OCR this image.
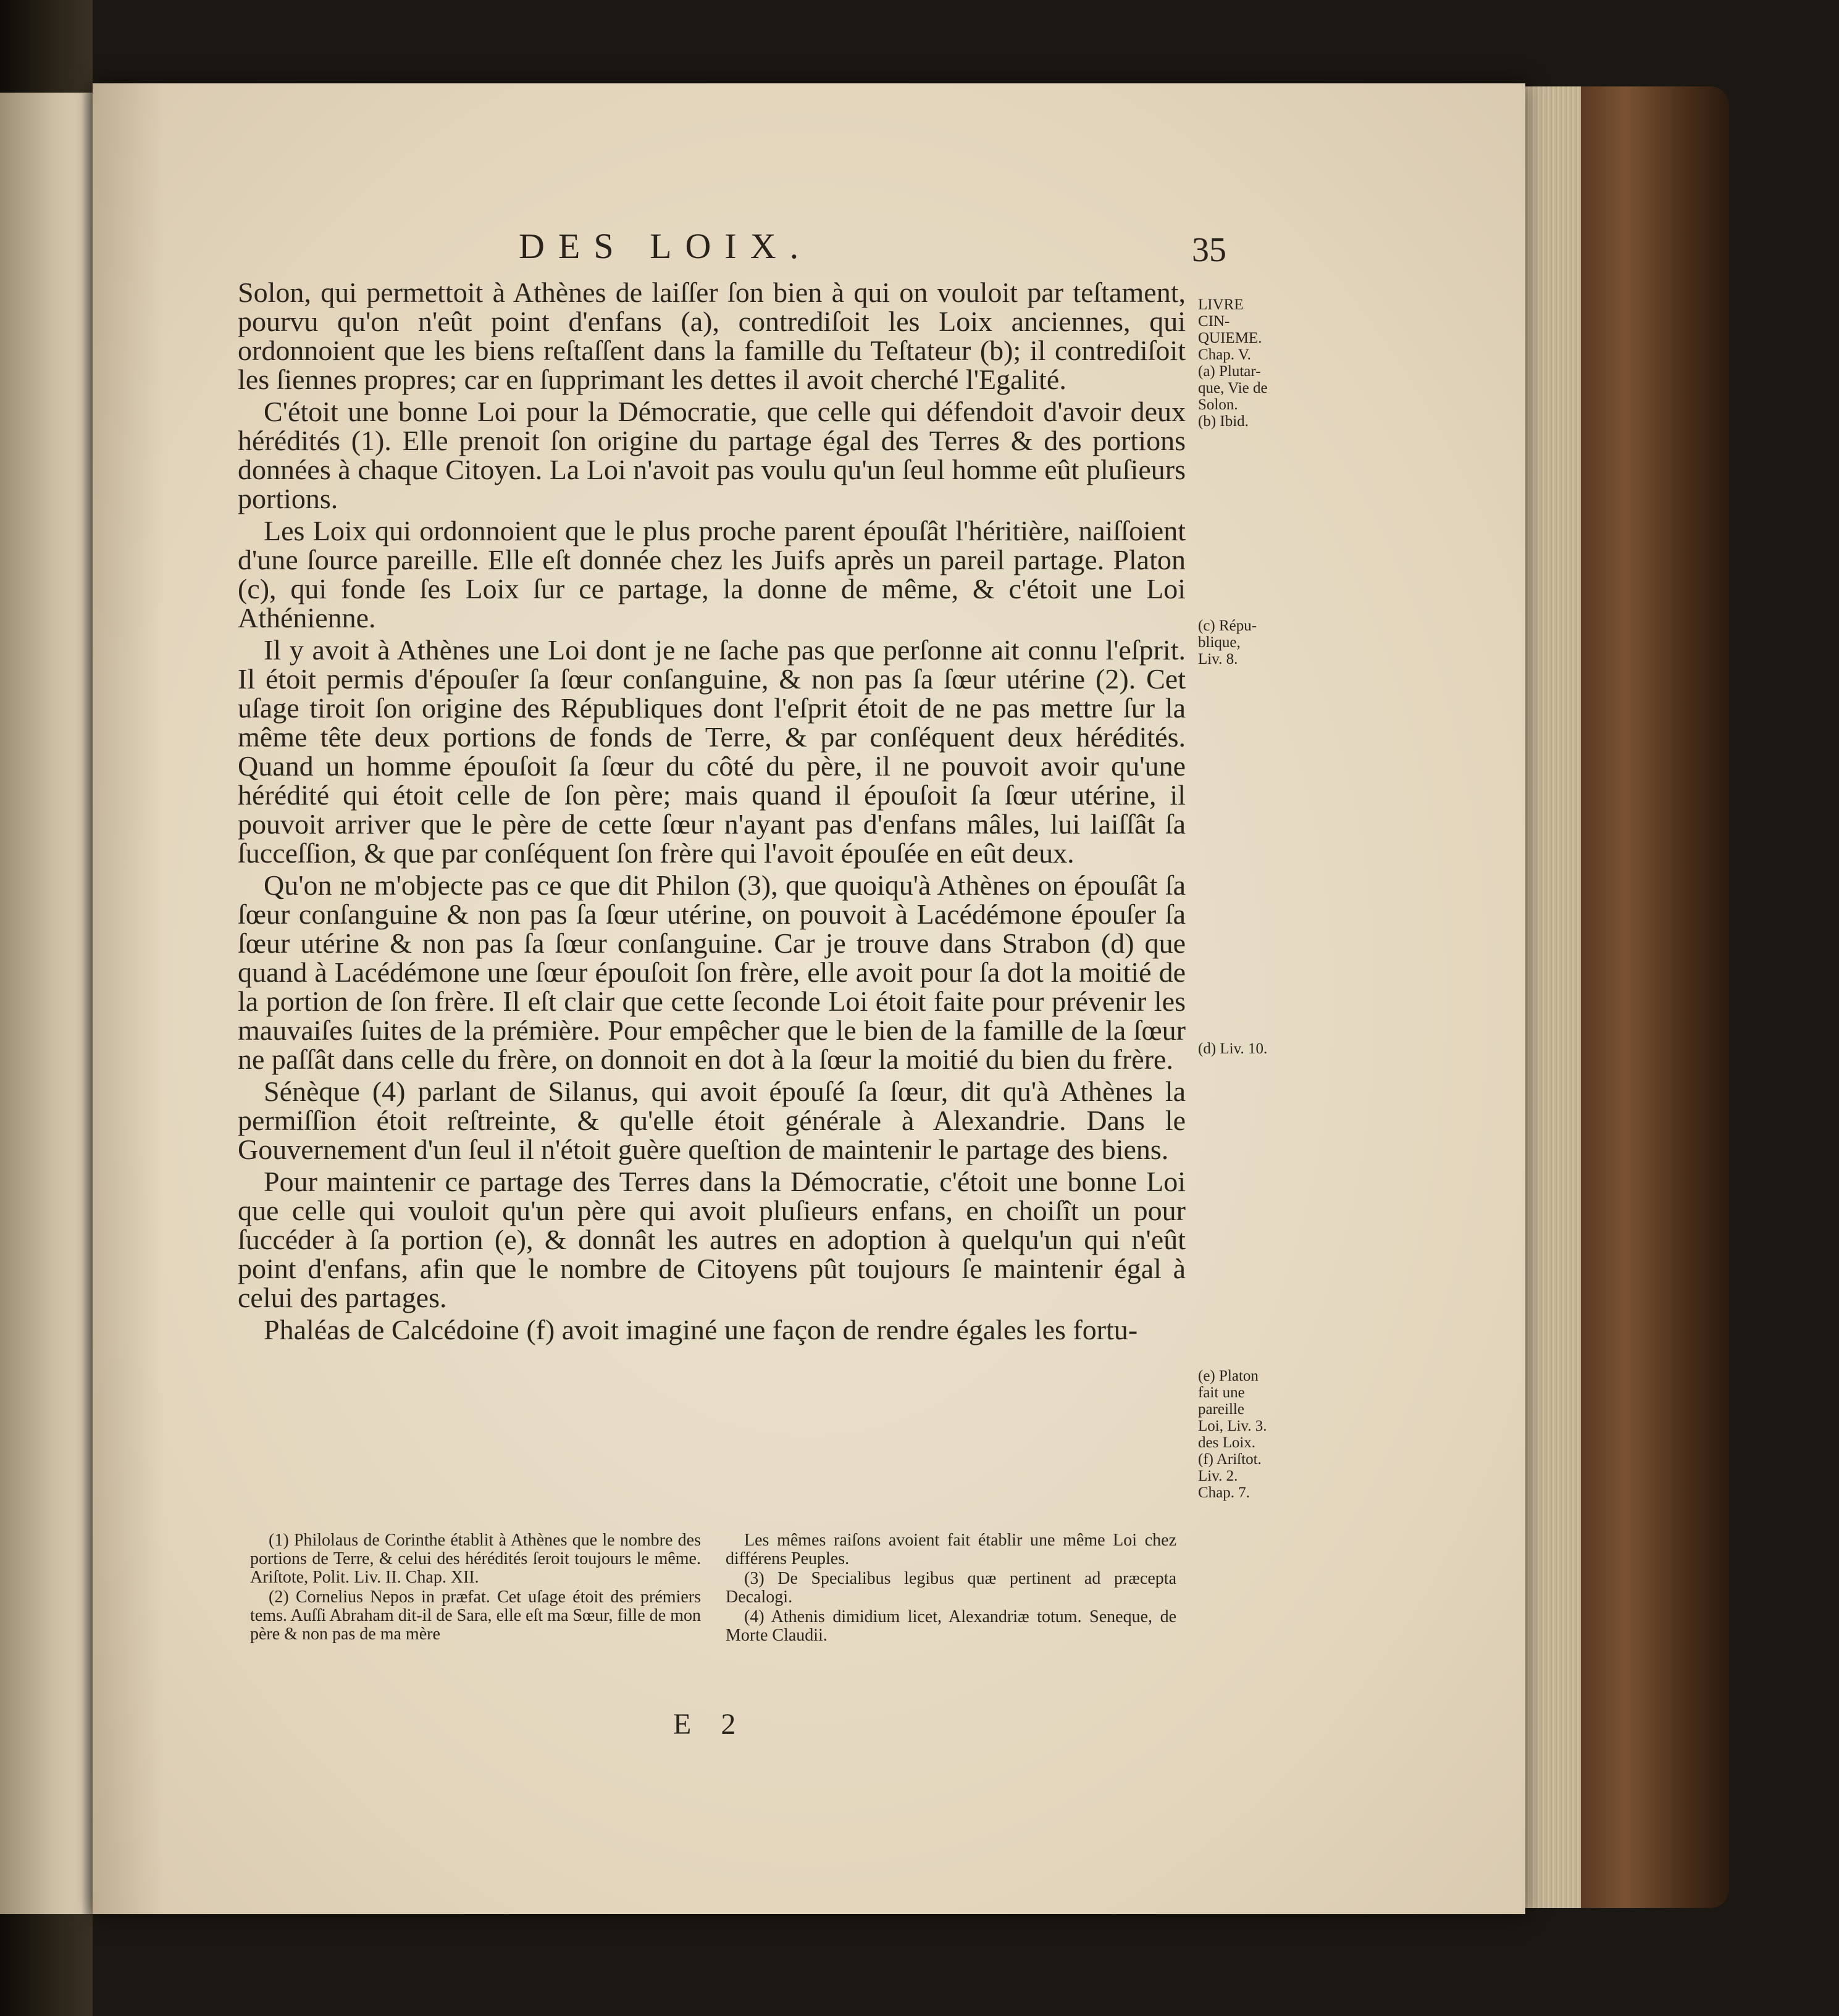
DES LOIX.	35

Solon, qui permettoit à Athènes de laiſſer ſon bien à qui on vouloit par teſtament, pourvu qu'on n'eût point d'enfans (a), contrediſoit les Loix anciennes, qui ordonnoient que les biens reſtaſſent dans la famille du Teſtateur (b); il contrediſoit les ſiennes propres; car en ſupprimant les dettes il avoit cherché l'Egalité.

C'étoit une bonne Loi pour la Démocratie, que celle qui défendoit d'avoir deux hérédités (1). Elle prenoit ſon origine du partage égal des Terres & des portions données à chaque Citoyen. La Loi n'avoit pas voulu qu'un ſeul homme eût pluſieurs portions.

Les Loix qui ordonnoient que le plus proche parent épouſât l'héritière, naiſſoient d'une ſource pareille. Elle eſt donnée chez les Juifs après un pareil partage. Platon (c), qui fonde ſes Loix ſur ce partage, la donne de même, & c'étoit une Loi Athénienne.

Il y avoit à Athènes une Loi dont je ne ſache pas que perſonne ait connu l'eſprit. Il étoit permis d'épouſer ſa ſœur conſanguine, & non pas ſa ſœur utérine (2). Cet uſage tiroit ſon origine des Républiques dont l'eſprit étoit de ne pas mettre ſur la même tête deux portions de fonds de Terre, & par conſéquent deux hérédités. Quand un homme épouſoit ſa ſœur du côté du père, il ne pouvoit avoir qu'une hérédité qui étoit celle de ſon père; mais quand il épouſoit ſa ſœur utérine, il pouvoit arriver que le père de cette ſœur n'ayant pas d'enfans mâles, lui laiſſât ſa ſucceſſion, & que par conſéquent ſon frère qui l'avoit épouſée en eût deux.

Qu'on ne m'objecte pas ce que dit Philon (3), que quoiqu'à Athènes on épouſât ſa ſœur conſanguine & non pas ſa ſœur utérine, on pouvoit à Lacédémone épouſer ſa ſœur utérine & non pas ſa ſœur conſanguine. Car je trouve dans Strabon (d) que quand à Lacédémone une ſœur épouſoit ſon frère, elle avoit pour ſa dot la moitié de la portion de ſon frère. Il eſt clair que cette ſeconde Loi étoit faite pour prévenir les mauvaiſes ſuites de la prémière. Pour empêcher que le bien de la famille de la ſœur ne paſſât dans celle du frère, on donnoit en dot à la ſœur la moitié du bien du frère.

Sénèque (4) parlant de Silanus, qui avoit épouſé ſa ſœur, dit qu'à Athènes la permiſſion étoit reſtreinte, & qu'elle étoit générale à Alexandrie. Dans le Gouvernement d'un ſeul il n'étoit guère queſtion de maintenir le partage des biens.

Pour maintenir ce partage des Terres dans la Démocratie, c'étoit une bonne Loi que celle qui vouloit qu'un père qui avoit pluſieurs enfans, en choiſît un pour ſuccéder à ſa portion (e), & donnât les autres en adoption à quelqu'un qui n'eût point d'enfans, afin que le nombre de Citoyens pût toujours ſe maintenir égal à celui des partages.

Phaléas de Calcédoine (f) avoit imaginé une façon de rendre égales les fortu-

LIVRE
CIN-
QUIEME.
Chap. V.
(a) Plutar-
que, Vie de
Solon.
(b) Ibid.
(c) Répu-
blique,
Liv. 8.
(d) Liv. 10.
(e) Platon
fait une
pareille
Loi, Liv. 3.
des Loix.
(f) Ariſtot.
Liv. 2.
Chap. 7.

(1) Philolaus de Corinthe établit à Athènes que le nombre des portions de Terre, & celui des hérédités ſeroit toujours le même. Ariſtote, Polit. Liv. II. Chap. XII.

(2) Cornelius Nepos in præfat. Cet uſage étoit des prémiers tems. Auſſi Abraham dit-il de Sara, elle eſt ma Sœur, fille de mon père & non pas de ma mère

Les mêmes raiſons avoient fait établir une même Loi chez différens Peuples.

(3) De Specialibus legibus quæ pertinent ad præcepta Decalogi.

(4) Athenis dimidium licet, Alexandriæ totum. Seneque, de Morte Claudii.

E 2
